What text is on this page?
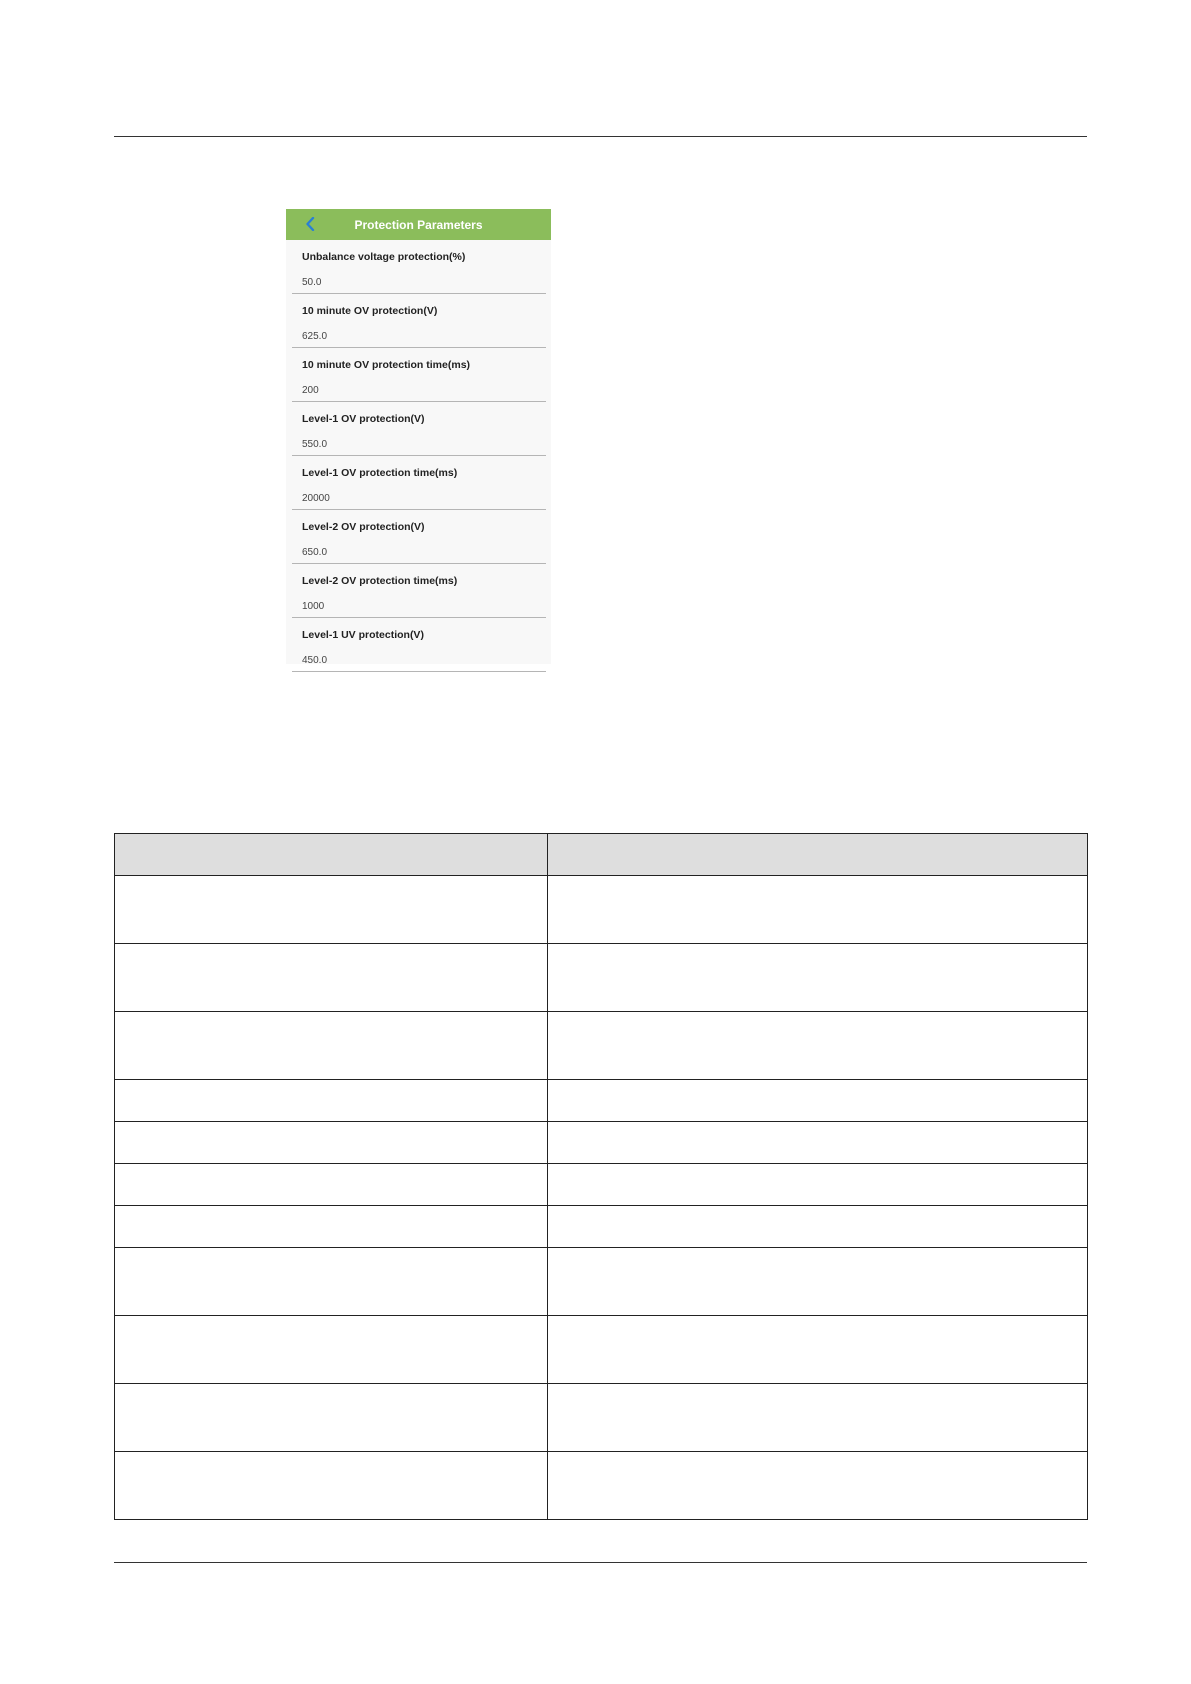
Protection Parameters
Unbalance voltage protection(%)
50.0
10 minute OV protection(V)
625.0
10 minute OV protection time(ms)
200
Level-1 OV protection(V)
550.0
Level-1 OV protection time(ms)
20000
Level-2 OV protection(V)
650.0
Level-2 OV protection time(ms)
1000
Level-1 UV protection(V)
450.0
